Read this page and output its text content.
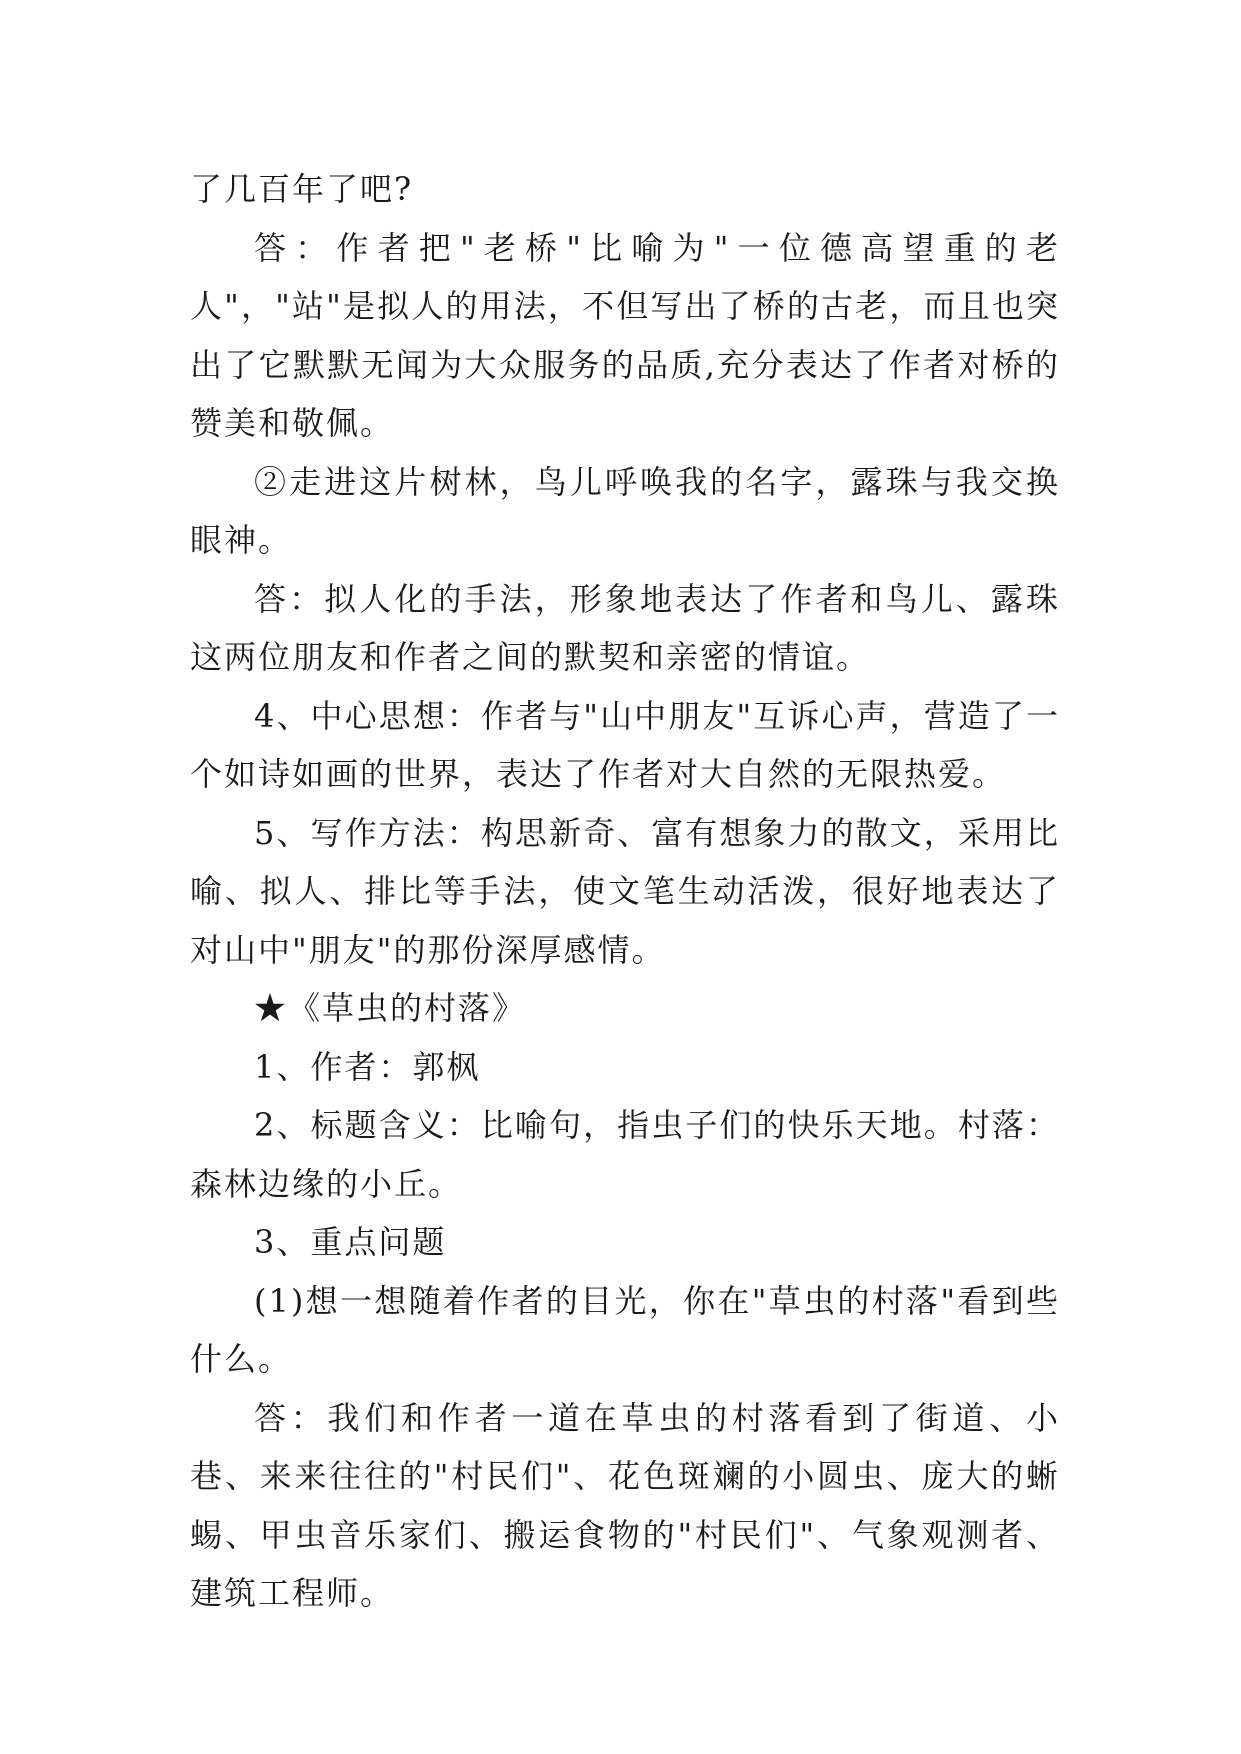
了几百年了吧?

答：作者把"老桥"比喻为"一位德高望重的老人"，"站"是拟人的用法，不但写出了桥的古老，而且也突出了它默默无闻为大众服务的品质,充分表达了作者对桥的赞美和敬佩。

②走进这片树林，鸟儿呼唤我的名字，露珠与我交换眼神。

答：拟人化的手法，形象地表达了作者和鸟儿、露珠这两位朋友和作者之间的默契和亲密的情谊。

4、中心思想：作者与"山中朋友"互诉心声，营造了一个如诗如画的世界，表达了作者对大自然的无限热爱。

5、写作方法：构思新奇、富有想象力的散文，采用比喻、拟人、排比等手法，使文笔生动活泼，很好地表达了对山中"朋友"的那份深厚感情。

★《草虫的村落》

1、作者：郭枫

2、标题含义：比喻句，指虫子们的快乐天地。村落：森林边缘的小丘。

3、重点问题

(1)想一想随着作者的目光，你在"草虫的村落"看到些什么。

答：我们和作者一道在草虫的村落看到了街道、小巷、来来往往的"村民们"、花色斑斓的小圆虫、庞大的蜥蜴、甲虫音乐家们、搬运食物的"村民们"、气象观测者、建筑工程师。
